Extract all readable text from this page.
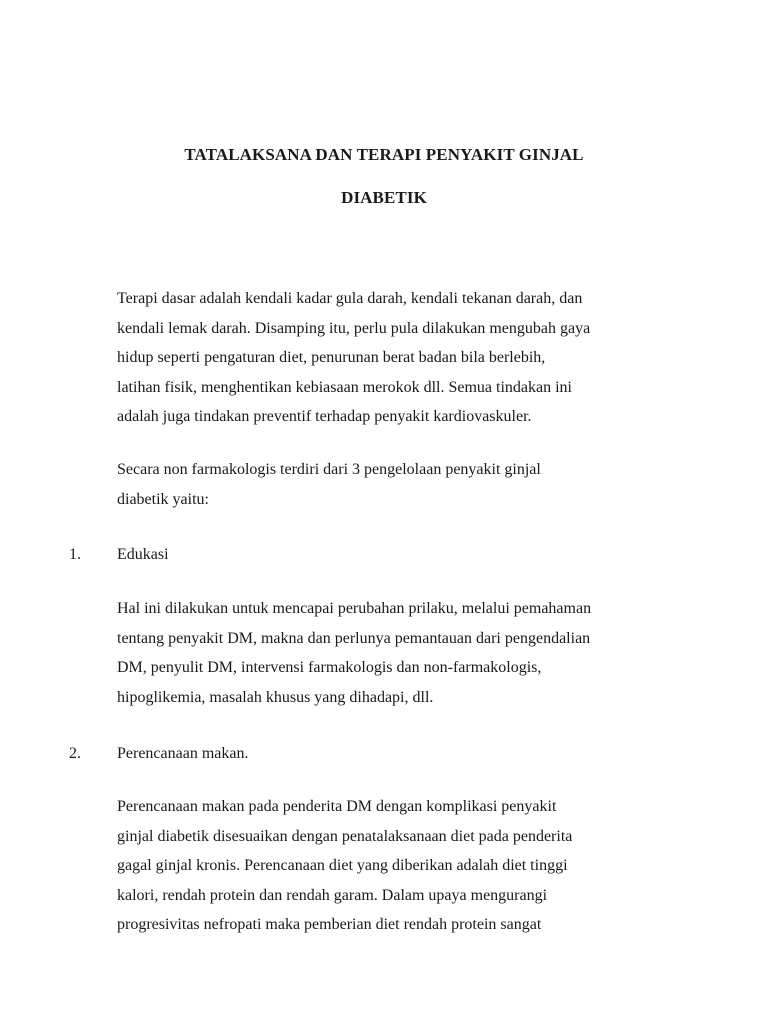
TATALAKSANA DAN TERAPI PENYAKIT GINJAL
DIABETIK

Terapi dasar adalah kendali kadar gula darah, kendali tekanan darah, dan
kendali lemak darah. Disamping itu, perlu pula dilakukan mengubah gaya
hidup seperti pengaturan diet, penurunan berat badan bila berlebih,
latihan fisik, menghentikan kebiasaan merokok dll. Semua tindakan ini
adalah juga tindakan preventif terhadap penyakit kardiovaskuler.

Secara non farmakologis terdiri dari 3 pengelolaan penyakit ginjal
diabetik yaitu:

1. Edukasi

Hal ini dilakukan untuk mencapai perubahan prilaku, melalui pemahaman
tentang penyakit DM, makna dan perlunya pemantauan dari pengendalian
DM, penyulit DM, intervensi farmakologis dan non-farmakologis,
hipoglikemia, masalah khusus yang dihadapi, dll.

2. Perencanaan makan.

Perencanaan makan pada penderita DM dengan komplikasi penyakit
ginjal diabetik disesuaikan dengan penatalaksanaan diet pada penderita
gagal ginjal kronis. Perencanaan diet yang diberikan adalah diet tinggi
kalori, rendah protein dan rendah garam. Dalam upaya mengurangi
progresivitas nefropati maka pemberian diet rendah protein sangat
